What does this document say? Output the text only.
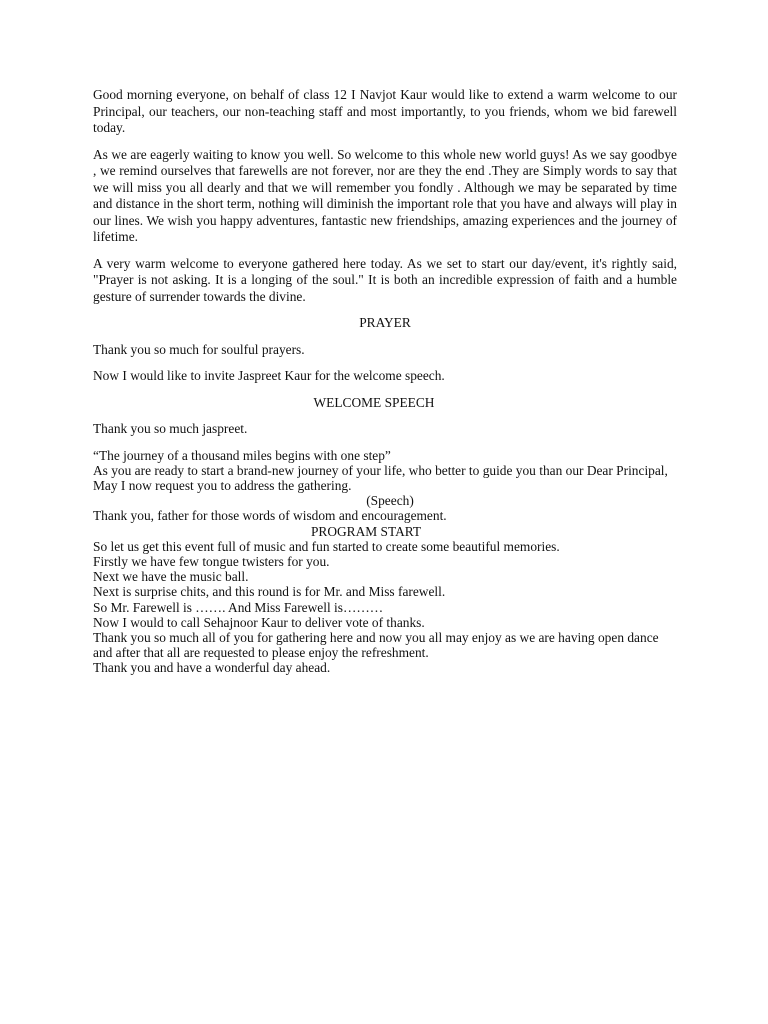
Good morning everyone, on behalf of class 12 I Navjot Kaur would like to extend a warm welcome to our Principal, our teachers, our non-teaching staff and most importantly, to you friends, whom we bid farewell today.

As we are eagerly waiting to know you well. So welcome to this whole new world guys! As we say goodbye , we remind ourselves that farewells are not forever, nor are they the end .They are Simply words to say that we will miss you all dearly and that we will remember you fondly . Although we may be separated by time and distance in the short term, nothing will diminish the important role that you have and always will play in our lines. We wish you happy adventures, fantastic new friendships, amazing experiences and the journey of lifetime.

A very warm welcome to everyone gathered here today. As we set to start our day/event, it's rightly said, "Prayer is not asking. It is a longing of the soul." It is both an incredible expression of faith and a humble gesture of surrender towards the divine.

PRAYER

Thank you so much for soulful prayers.

Now I would like to invite Jaspreet Kaur for the welcome speech.

WELCOME SPEECH

Thank you so much jaspreet.

“The journey of a thousand miles begins with one step”
As you are ready to start a brand-new journey of your life, who better to guide you than our Dear Principal, May I now request you to address the gathering.
(Speech)
Thank you, father for those words of wisdom and encouragement.
PROGRAM START
So let us get this event full of music and fun started to create some beautiful memories.
Firstly we have few tongue twisters for you.
Next we have the music ball.
Next is surprise chits, and this round is for Mr. and Miss farewell.
So Mr. Farewell is ……. And Miss Farewell is………
Now I would to call Sehajnoor Kaur to deliver vote of thanks.
Thank you so much all of you for gathering here and now you all may enjoy as we are having open dance and after that all are requested to please enjoy the refreshment.
Thank you and have a wonderful day ahead.
